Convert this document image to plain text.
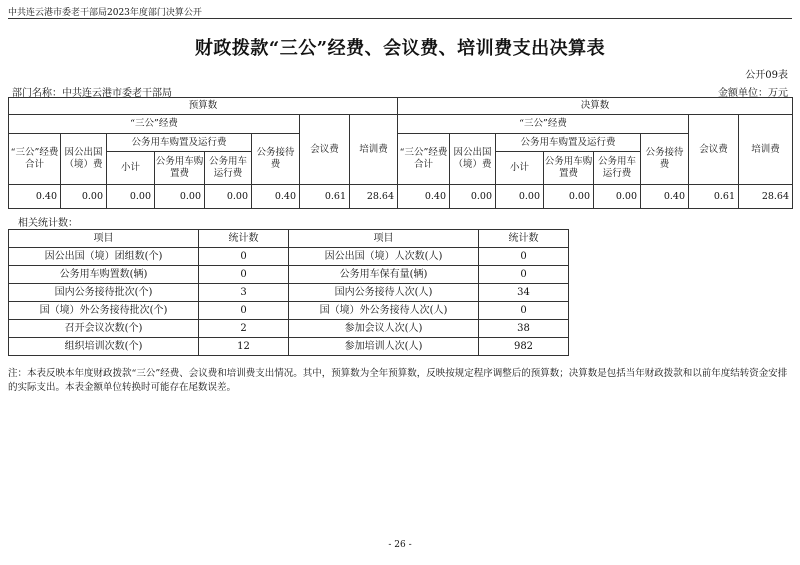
中共连云港市委老干部局2023年度部门决算公开
财政拨款“三公”经费、会议费、培训费支出决算表
公开09表
部门名称：中共连云港市委老干部局	金额单位：万元
预算数								决算数							
“三公”经费						会议费	培训费	“三公”经费						会议费	培训费
“三公”经费合计	因公出国（境）费	公务用车购置及运行费			公务接待费			“三公”经费合计	因公出国（境）费	公务用车购置及运行费			公务接待费		
		小计	公务用车购置费	公务用车运行费						小计	公务用车购置费	公务用车运行费			
0.40	0.00	0.00	0.00	0.00	0.40	0.61	28.64	0.40	0.00	0.00	0.00	0.00	0.40	0.61	28.64
相关统计数：
项目	统计数	项目	统计数
因公出国（境）团组数(个)	0	因公出国（境）人次数(人)	0
公务用车购置数(辆)	0	公务用车保有量(辆)	0
国内公务接待批次(个)	3	国内公务接待人次(人)	34
国（境）外公务接待批次(个)	0	国（境）外公务接待人次(人)	0
召开会议次数(个)	2	参加会议人次(人)	38
组织培训次数(个)	12	参加培训人次(人)	982
注：本表反映本年度财政拨款“三公”经费、会议费和培训费支出情况。其中，预算数为全年预算数，反映按规定程序调整后的预算数；决算数是包括当年财政拨款和以前年度结转资金安排的实际支出。本表金额单位转换时可能存在尾数误差。
- 26 -
